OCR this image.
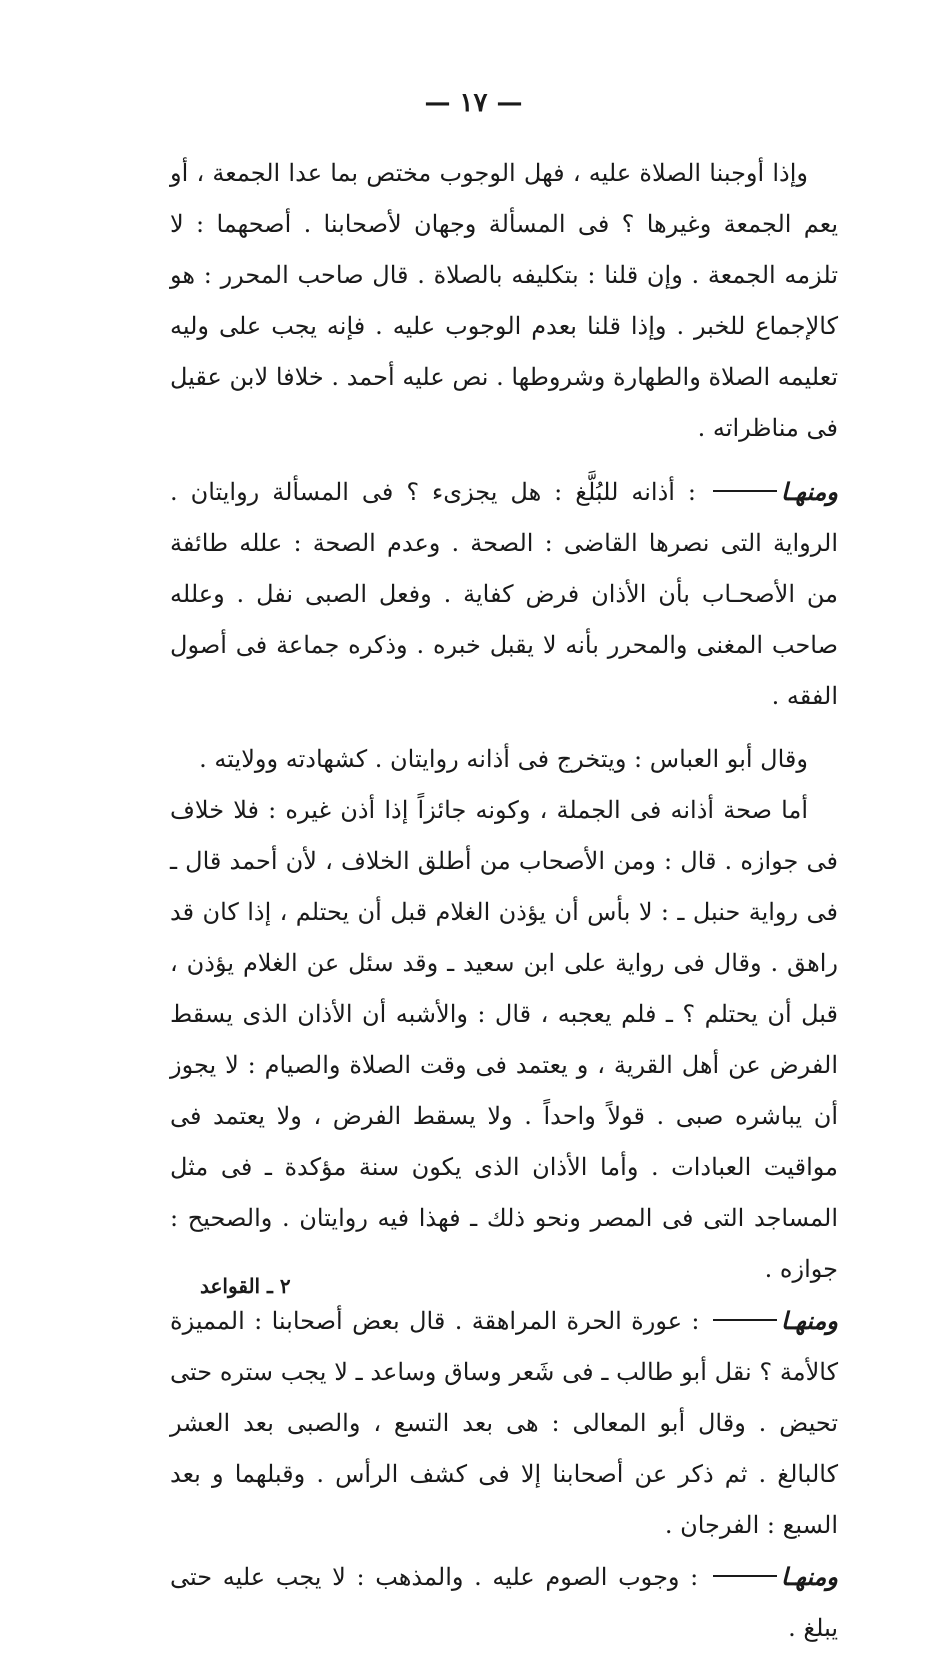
— ١٧ —

وإذا أوجبنا الصلاة عليه ، فهل الوجوب مختص بما عدا الجمعة ، أو يعم الجمعة وغيرها ؟ فى المسألة وجهان لأصحابنا . أصحهما : لا تلزمه الجمعة . وإن قلنا : بتكليفه بالصلاة . قال صاحب المحرر : هو كالإجماع للخبر . وإذا قلنا بعدم الوجوب عليه . فإنه يجب على وليه تعليمه الصلاة والطهارة وشروطها . نص عليه أحمد . خلافا لابن عقيل فى مناظراته .

ومنهـا : أذانه للبُلَّغ : هل يجزىء ؟ فى المسألة روايتان . الرواية التى نصرها القاضى : الصحة . وعدم الصحة : علله طائفة من الأصحـاب بأن الأذان فرض كفاية . وفعل الصبى نفل . وعلله صاحب المغنى والمحرر بأنه لا يقبل خبره . وذكره جماعة فى أصول الفقه .

وقال أبو العباس : ويتخرج فى أذانه روايتان . كشهادته وولايته .

أما صحة أذانه فى الجملة ، وكونه جائزاً إذا أذن غيره : فلا خلاف فى جوازه . قال : ومن الأصحاب من أطلق الخلاف ، لأن أحمد قال ـ فى رواية حنبل ـ : لا بأس أن يؤذن الغلام قبل أن يحتلم ، إذا كان قد راهق . وقال فى رواية على ابن سعيد ـ وقد سئل عن الغلام يؤذن ، قبل أن يحتلم ؟ ـ فلم يعجبه ، قال : والأشبه أن الأذان الذى يسقط الفرض عن أهل القرية ، و يعتمد فى وقت الصلاة والصيام : لا يجوز أن يباشره صبى . قولاً واحداً . ولا يسقط الفرض ، ولا يعتمد فى مواقيت العبادات . وأما الأذان الذى يكون سنة مؤكدة ـ فى مثل المساجد التى فى المصر ونحو ذلك ـ فهذا فيه روايتان . والصحيح : جوازه .

ومنهـا : عورة الحرة المراهقة . قال بعض أصحابنا : المميزة كالأمة ؟ نقل أبو طالب ـ فى شَعر وساق وساعد ـ لا يجب ستره حتى تحيض . وقال أبو المعالى : هى بعد التسع ، والصبى بعد العشر كالبالغ . ثم ذكر عن أصحابنا إلا فى كشف الرأس . وقبلهما و بعد السبع : الفرجان .

ومنهـا : وجوب الصوم عليه . والمذهب : لا يجب عليه حتى يبلغ .

٢ ـ القواعد
